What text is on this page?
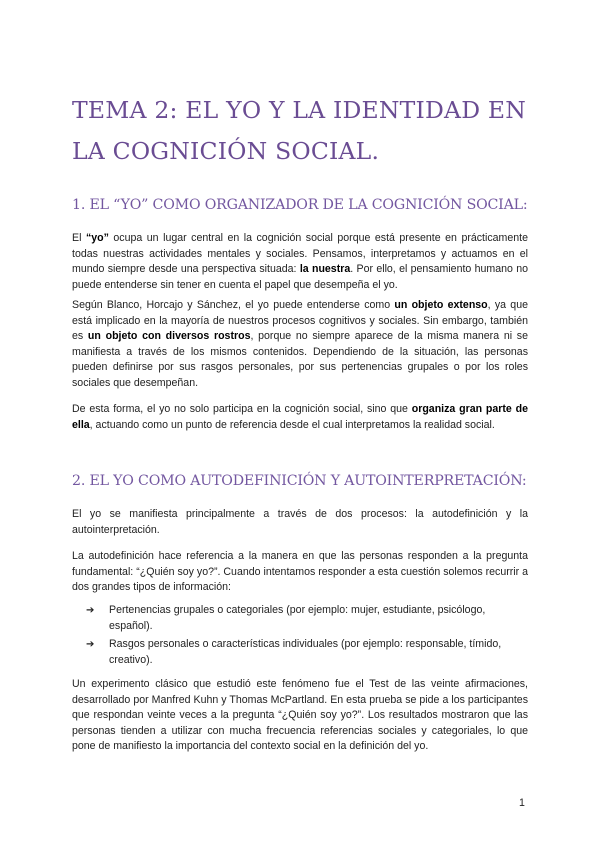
TEMA 2: EL YO Y LA IDENTIDAD EN LA COGNICIÓN SOCIAL.
1. EL “YO” COMO ORGANIZADOR DE LA COGNICIÓN SOCIAL:

El “yo” ocupa un lugar central en la cognición social porque está presente en prácticamente todas nuestras actividades mentales y sociales. Pensamos, interpretamos y actuamos en el mundo siempre desde una perspectiva situada: la nuestra. Por ello, el pensamiento humano no puede entenderse sin tener en cuenta el papel que desempeña el yo.

Según Blanco, Horcajo y Sánchez, el yo puede entenderse como un objeto extenso, ya que está implicado en la mayoría de nuestros procesos cognitivos y sociales. Sin embargo, también es un objeto con diversos rostros, porque no siempre aparece de la misma manera ni se manifiesta a través de los mismos contenidos. Dependiendo de la situación, las personas pueden definirse por sus rasgos personales, por sus pertenencias grupales o por los roles sociales que desempeñan.

De esta forma, el yo no solo participa en la cognición social, sino que organiza gran parte de ella, actuando como un punto de referencia desde el cual interpretamos la realidad social.

2. EL YO COMO AUTODEFINICIÓN Y AUTOINTERPRETACIÓN:

El yo se manifiesta principalmente a través de dos procesos: la autodefinición y la autointerpretación.

La autodefinición hace referencia a la manera en que las personas responden a la pregunta fundamental: “¿Quién soy yo?”. Cuando intentamos responder a esta cuestión solemos recurrir a dos grandes tipos de información:

➔ Pertenencias grupales o categoriales (por ejemplo: mujer, estudiante, psicólogo, español).
➔ Rasgos personales o características individuales (por ejemplo: responsable, tímido, creativo).

Un experimento clásico que estudió este fenómeno fue el Test de las veinte afirmaciones, desarrollado por Manfred Kuhn y Thomas McPartland. En esta prueba se pide a los participantes que respondan veinte veces a la pregunta “¿Quién soy yo?”. Los resultados mostraron que las personas tienden a utilizar con mucha frecuencia referencias sociales y categoriales, lo que pone de manifiesto la importancia del contexto social en la definición del yo.

1
